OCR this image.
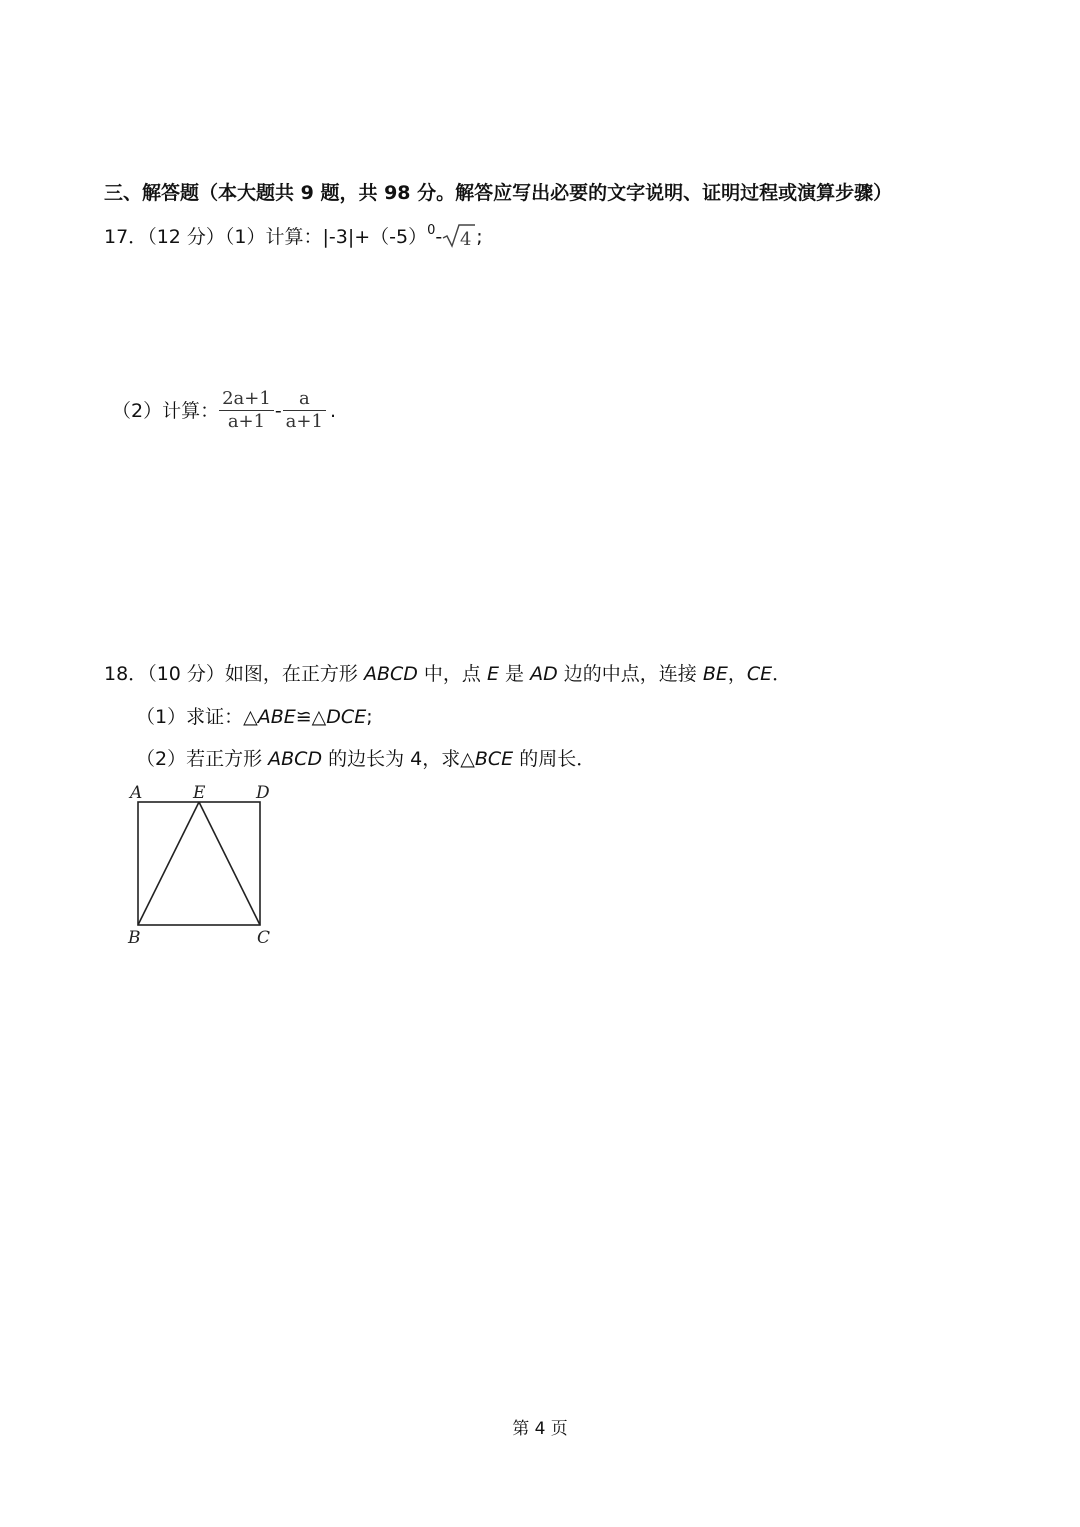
三、解答题（本大题共 9 题，共 98 分。解答应写出必要的文字说明、证明过程或演算步骤）
17．（12 分）（1）计算：$|-3|+(-5)^0-$ 4 ;
（2）计算： $\frac{2a+1}{a+1} - \frac{a}{a+1}$ .
18．（10 分）如图，在正方形 ABCD 中，点 E 是 AD 边的中点，连接 BE，CE．
（1）求证：△ABE≌△DCE;
（2）若正方形 ABCD 的边长为 4，求△BCE 的周长．
A	E	D
B	C
第 4 页
